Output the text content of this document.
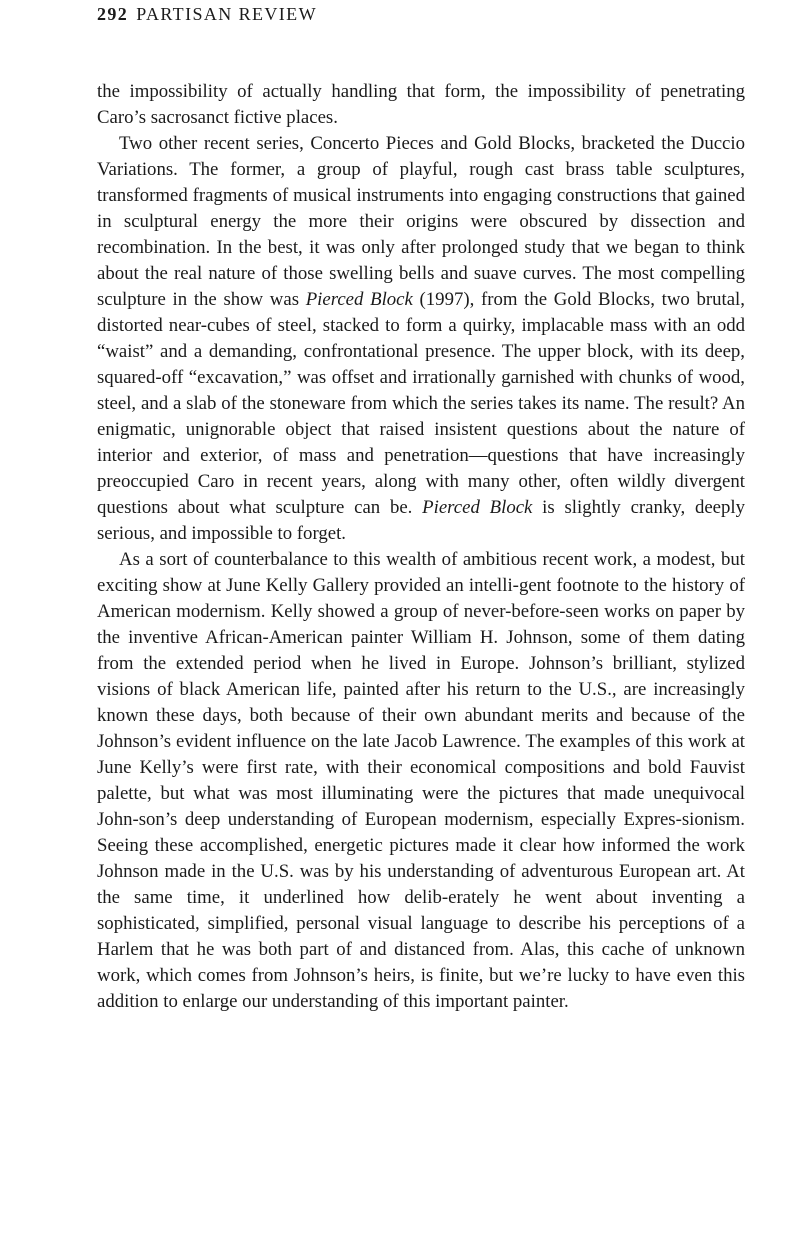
292 PARTISAN REVIEW

the impossibility of actually handling that form, the impossibility of penetrating Caro’s sacrosanct fictive places.

Two other recent series, Concerto Pieces and Gold Blocks, bracketed the Duccio Variations. The former, a group of playful, rough cast brass table sculptures, transformed fragments of musical instruments into engaging constructions that gained in sculptural energy the more their origins were obscured by dissection and recombination. In the best, it was only after prolonged study that we began to think about the real nature of those swelling bells and suave curves. The most compelling sculpture in the show was Pierced Block (1997), from the Gold Blocks, two brutal, distorted near-cubes of steel, stacked to form a quirky, implacable mass with an odd “waist” and a demanding, confrontational presence. The upper block, with its deep, squared-off “excavation,” was offset and irrationally garnished with chunks of wood, steel, and a slab of the stoneware from which the series takes its name. The result? An enigmatic, unignorable object that raised insistent questions about the nature of interior and exterior, of mass and penetration—questions that have increasingly preoccupied Caro in recent years, along with many other, often wildly divergent questions about what sculpture can be. Pierced Block is slightly cranky, deeply serious, and impossible to forget.

As a sort of counterbalance to this wealth of ambitious recent work, a modest, but exciting show at June Kelly Gallery provided an intelli-gent footnote to the history of American modernism. Kelly showed a group of never-before-seen works on paper by the inventive African-American painter William H. Johnson, some of them dating from the extended period when he lived in Europe. Johnson’s brilliant, stylized visions of black American life, painted after his return to the U.S., are increasingly known these days, both because of their own abundant merits and because of the Johnson’s evident influence on the late Jacob Lawrence. The examples of this work at June Kelly’s were first rate, with their economical compositions and bold Fauvist palette, but what was most illuminating were the pictures that made unequivocal John-son’s deep understanding of European modernism, especially Expres-sionism. Seeing these accomplished, energetic pictures made it clear how informed the work Johnson made in the U.S. was by his understanding of adventurous European art. At the same time, it underlined how delib-erately he went about inventing a sophisticated, simplified, personal visual language to describe his perceptions of a Harlem that he was both part of and distanced from. Alas, this cache of unknown work, which comes from Johnson’s heirs, is finite, but we’re lucky to have even this addition to enlarge our understanding of this important painter.
